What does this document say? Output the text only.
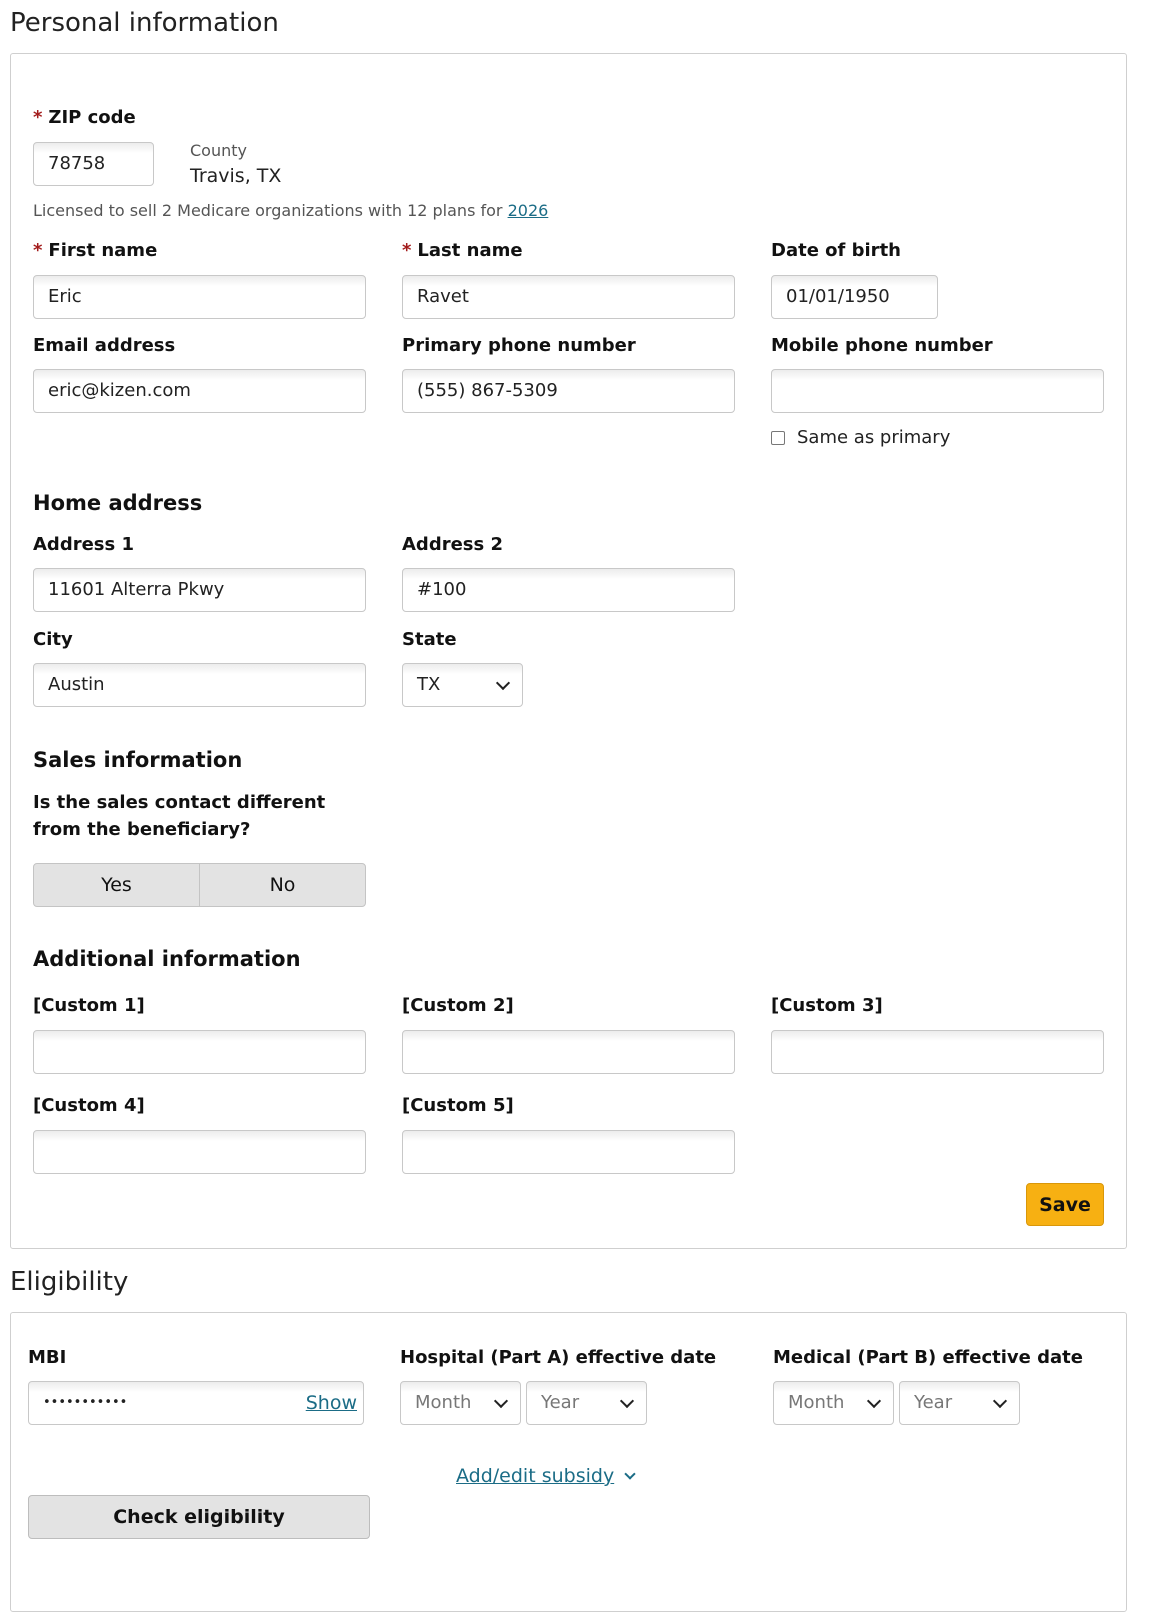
Personal information
* ZIP code
78758
County
Travis, TX
Licensed to sell 2 Medicare organizations with 12 plans for 2026
* First name
Eric
* Last name
Ravet
Date of birth
01/01/1950
Email address
eric@kizen.com
Primary phone number
(555) 867-5309
Mobile phone number
Same as primary
Home address
Address 1
11601 Alterra Pkwy
Address 2
#100
City
Austin
State
TX
Sales information
Is the sales contact different
from the beneficiary?
Yes	No
Additional information
[Custom 1]	[Custom 2]	[Custom 3]
[Custom 4]	[Custom 5]
Save
Eligibility
MBI
•••••••••••	Show
Hospital (Part A) effective date
Month	Year
Medical (Part B) effective date
Month	Year
Add/edit subsidy
Check eligibility
